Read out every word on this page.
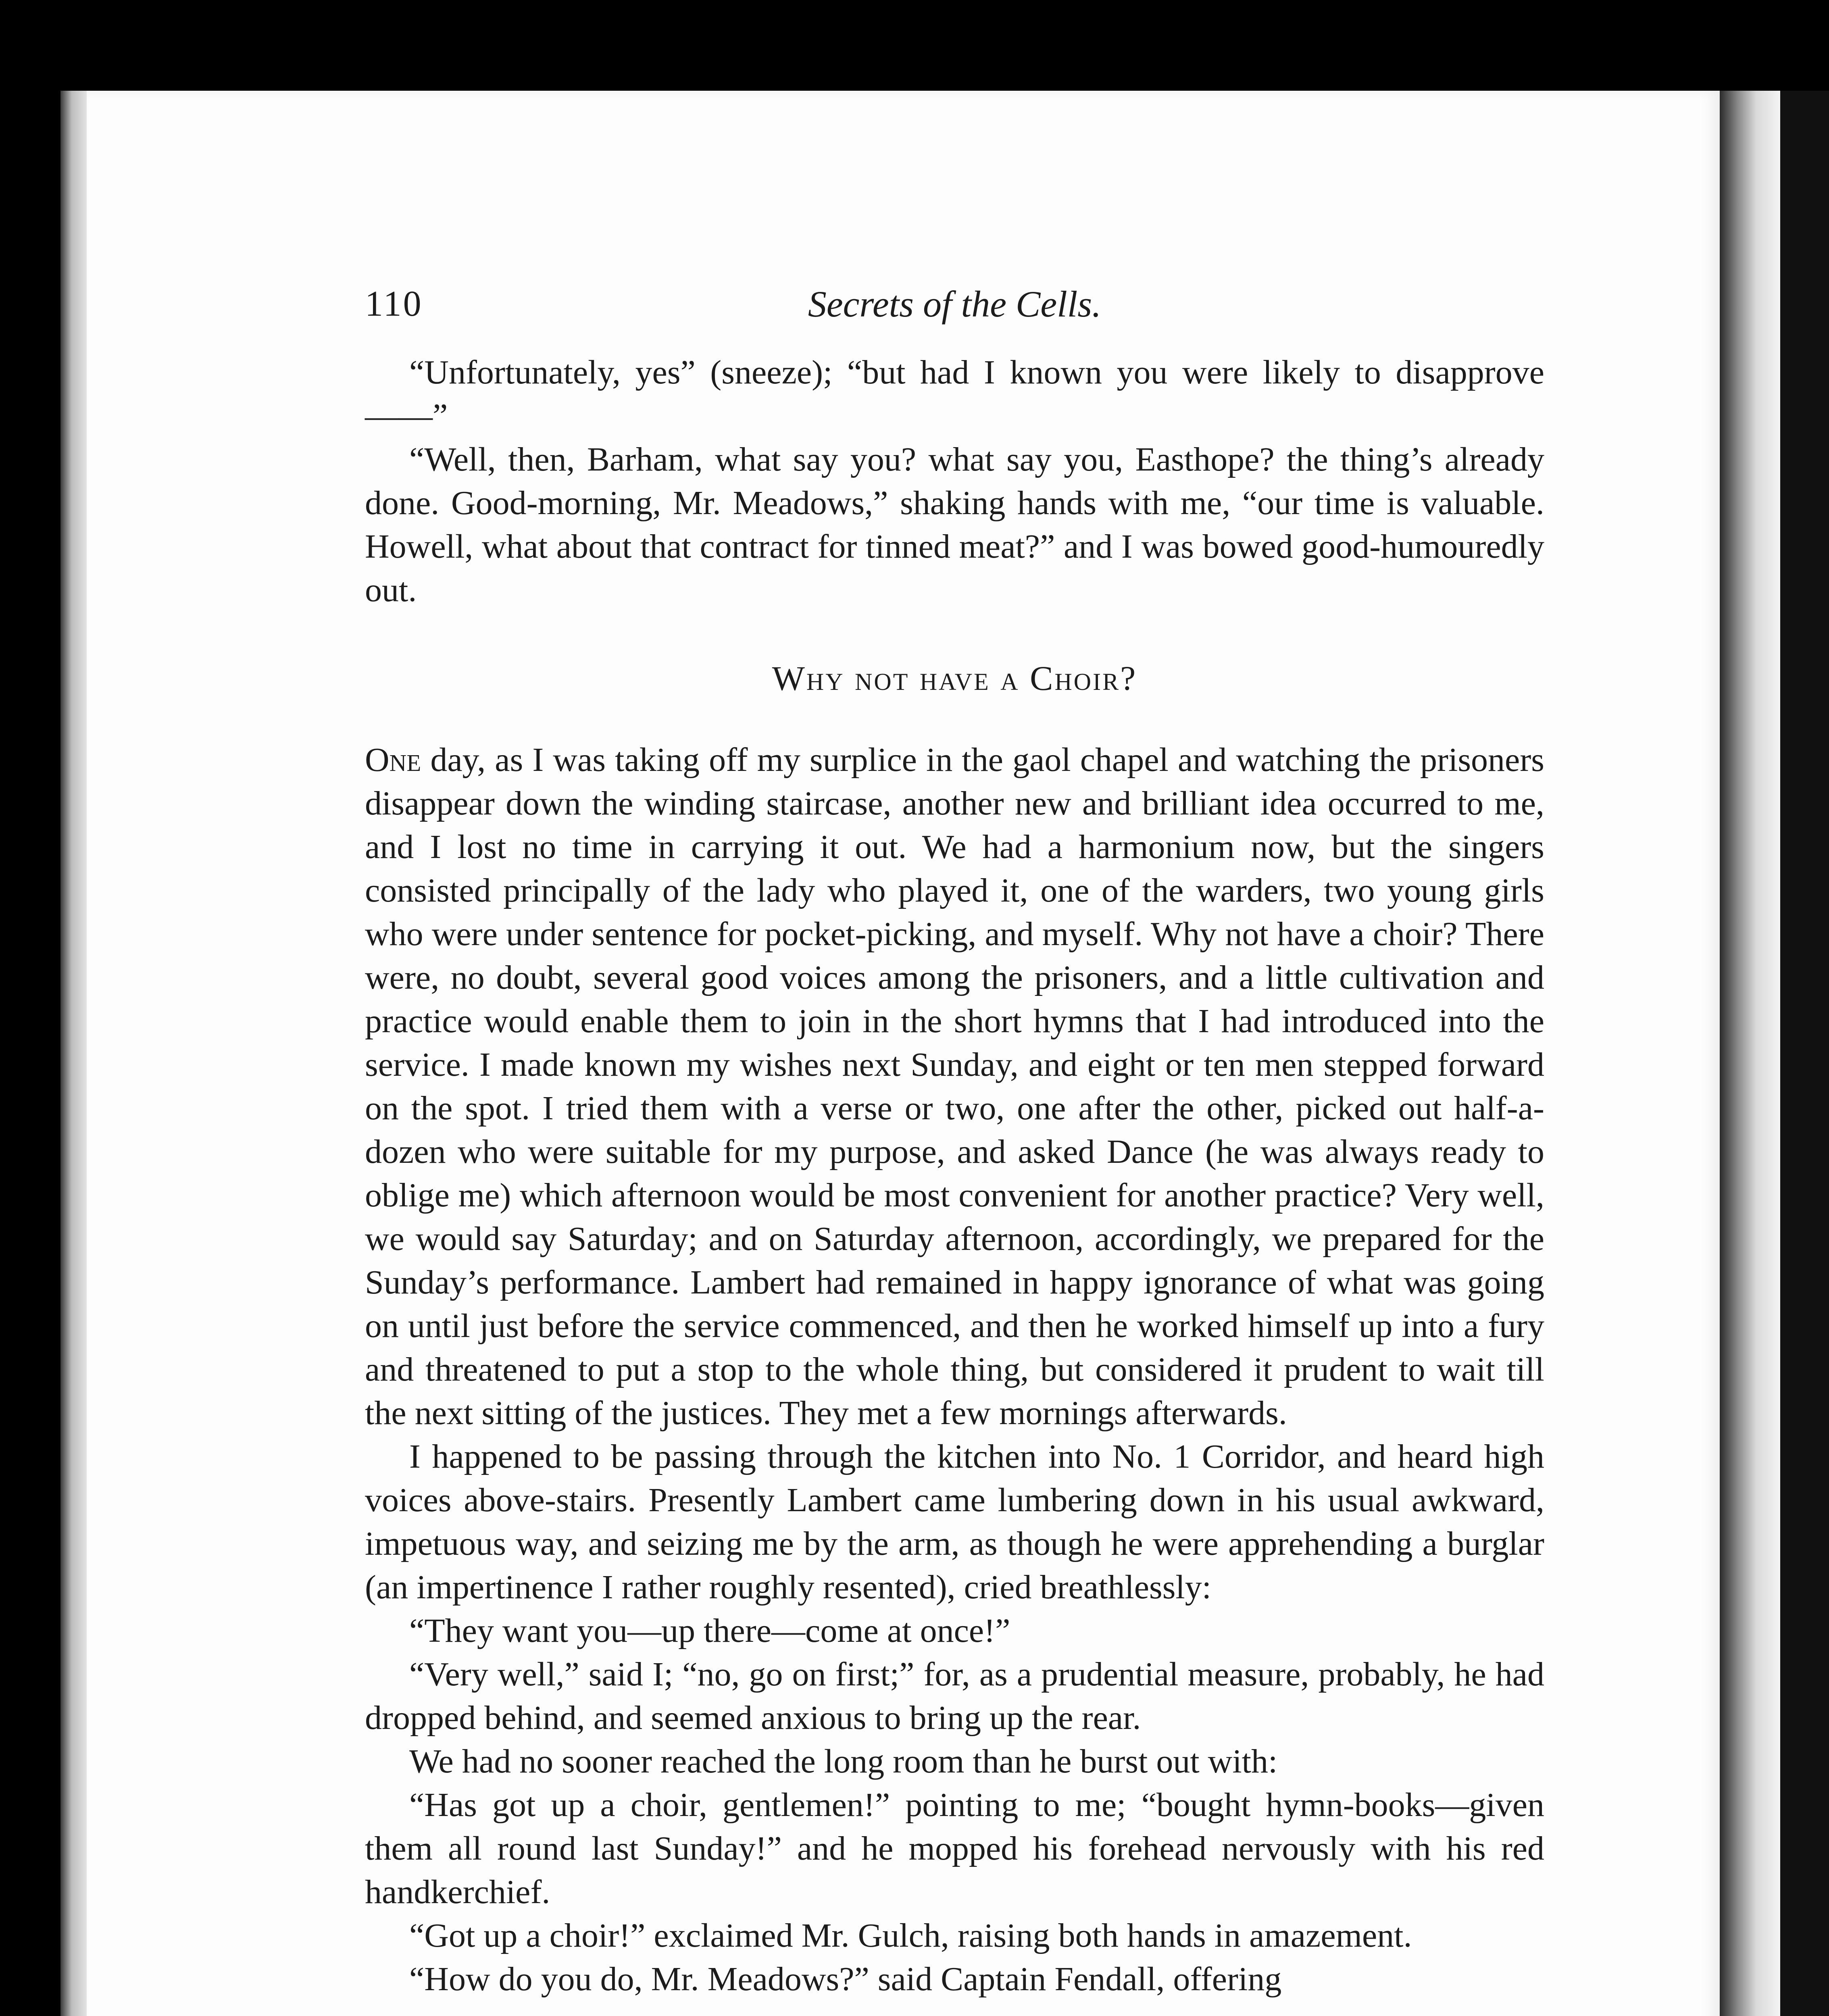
110	Secrets of the Cells.

“Unfortunately, yes” (sneeze); “but had I known you were likely to disapprove——”

“Well, then, Barham, what say you? what say you, Easthope? the thing’s already done. Good-morning, Mr. Meadows,” shaking hands with me, “our time is valuable. Howell, what about that contract for tinned meat?” and I was bowed good-humouredly out.

Why not have a Choir?

One day, as I was taking off my surplice in the gaol chapel and watching the prisoners disappear down the winding staircase, another new and brilliant idea occurred to me, and I lost no time in carrying it out. We had a harmonium now, but the singers consisted principally of the lady who played it, one of the warders, two young girls who were under sentence for pocket-picking, and myself. Why not have a choir? There were, no doubt, several good voices among the prisoners, and a little cultivation and practice would enable them to join in the short hymns that I had introduced into the service. I made known my wishes next Sunday, and eight or ten men stepped forward on the spot. I tried them with a verse or two, one after the other, picked out half-a-dozen who were suitable for my purpose, and asked Dance (he was always ready to oblige me) which afternoon would be most convenient for another practice? Very well, we would say Saturday; and on Saturday afternoon, accordingly, we prepared for the Sunday’s performance. Lambert had remained in happy ignorance of what was going on until just before the service commenced, and then he worked himself up into a fury and threatened to put a stop to the whole thing, but considered it prudent to wait till the next sitting of the justices. They met a few mornings afterwards.

I happened to be passing through the kitchen into No. 1 Corridor, and heard high voices above-stairs. Presently Lambert came lumbering down in his usual awkward, impetuous way, and seizing me by the arm, as though he were apprehending a burglar (an impertinence I rather roughly resented), cried breathlessly:

“They want you—up there—come at once!”

“Very well,” said I; “no, go on first;” for, as a prudential measure, probably, he had dropped behind, and seemed anxious to bring up the rear.

We had no sooner reached the long room than he burst out with:

“Has got up a choir, gentlemen!” pointing to me; “bought hymn-books—given them all round last Sunday!” and he mopped his forehead nervously with his red handkerchief.

“Got up a choir!” exclaimed Mr. Gulch, raising both hands in amazement.

“How do you do, Mr. Meadows?” said Captain Fendall, offering
